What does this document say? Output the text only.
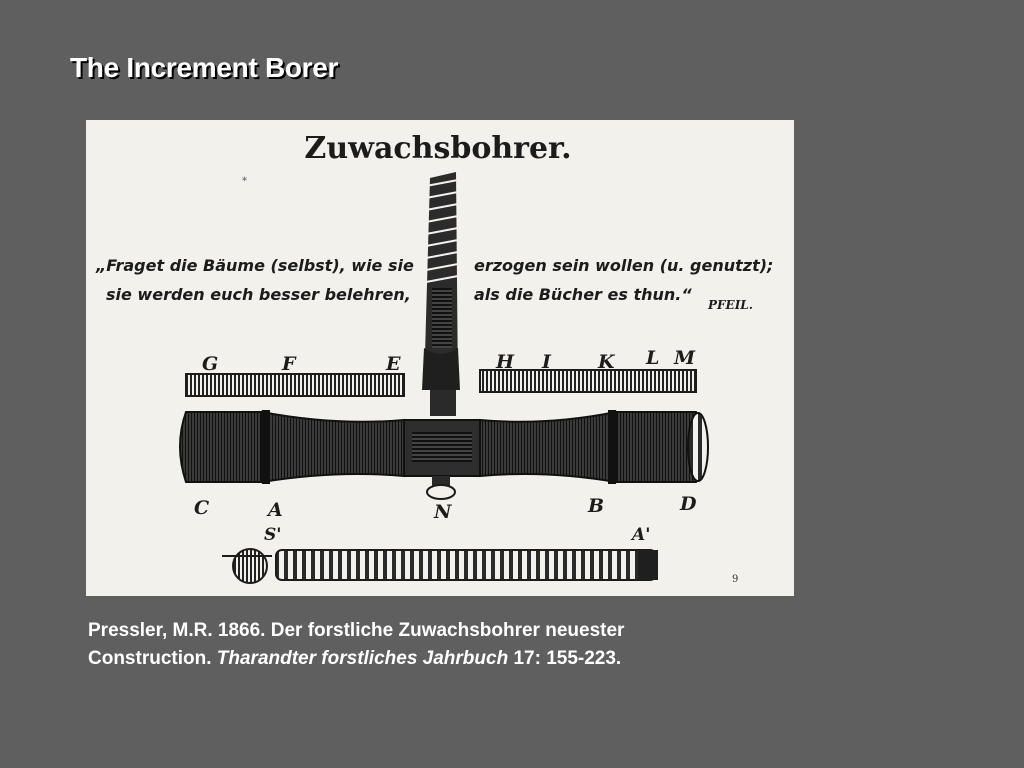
The Increment Borer
Zuwachsbohrer.
*
„Fraget die Bäume (selbst), wie sie
sie werden euch besser belehren,
erzogen sein wollen (u. genutzt);
als die Bücher es thun.“
PFEIL.
G	F	E	H I K L M
C	A	N	B	D
S'	A'
9

Pressler, M.R. 1866. Der forstliche Zuwachsbohrer neuester
Construction. Tharandter forstliches Jahrbuch 17: 155-223.
